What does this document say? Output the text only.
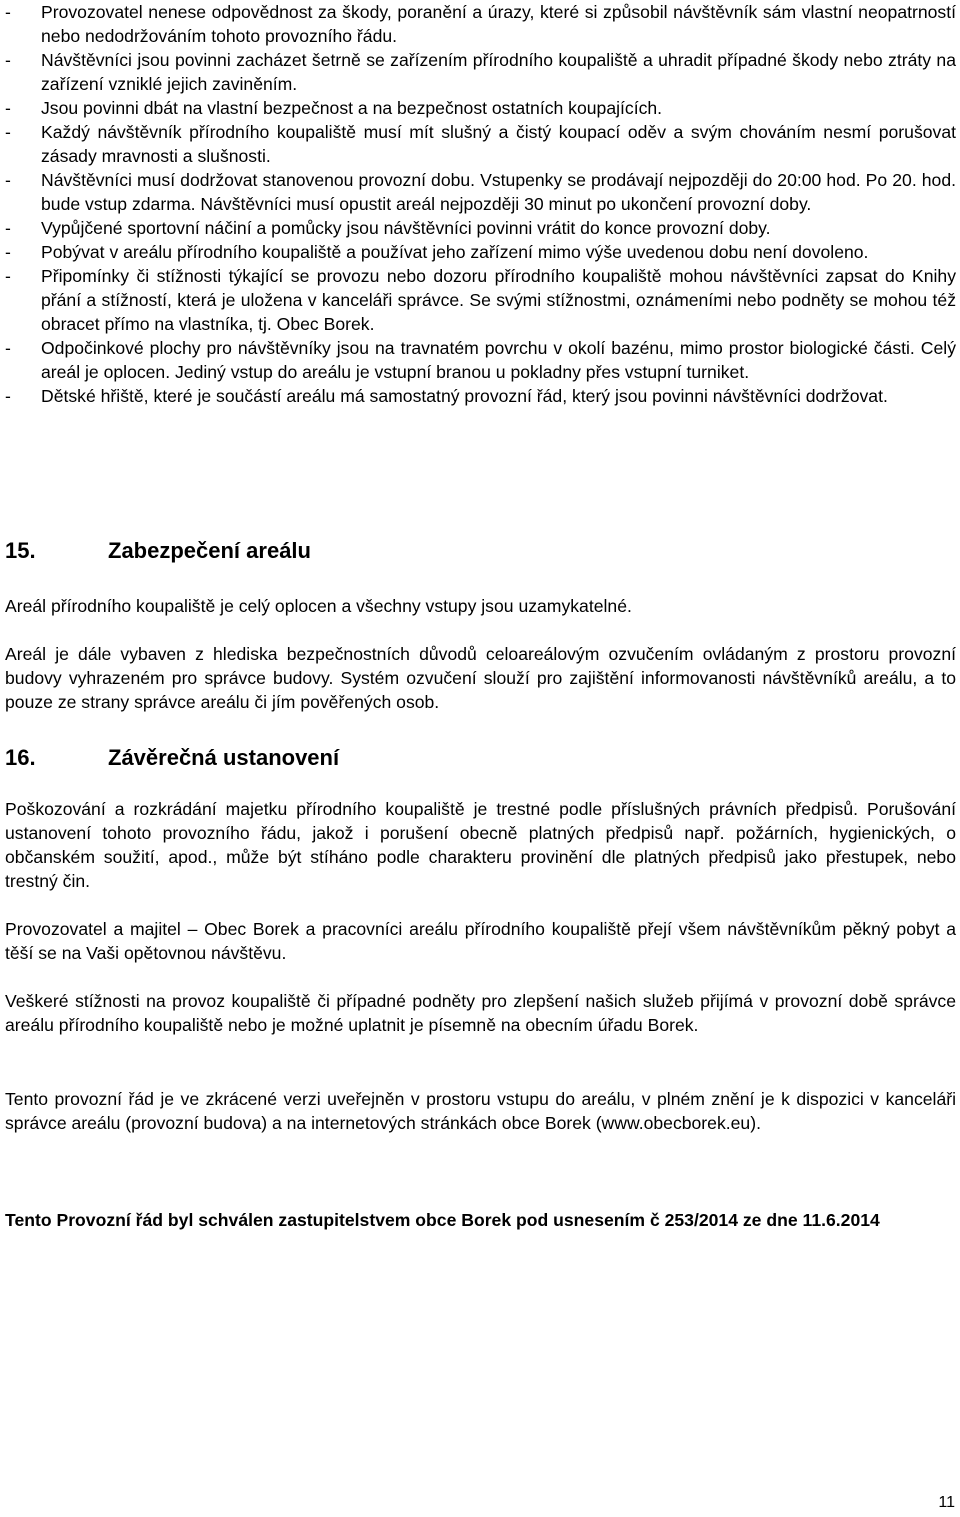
-	Provozovatel nenese odpovědnost za škody, poranění a úrazy, které si způsobil návštěvník sám vlastní neopatrností nebo nedodržováním tohoto provozního řádu.
-	Návštěvníci jsou povinni zacházet šetrně se zařízením přírodního koupaliště a uhradit případné škody nebo ztráty na zařízení vzniklé jejich zaviněním.
-	Jsou povinni dbát na vlastní bezpečnost a na bezpečnost ostatních koupajících.
-	Každý návštěvník přírodního koupaliště musí mít slušný a čistý koupací oděv a svým chováním nesmí porušovat zásady mravnosti a slušnosti.
-	Návštěvníci musí dodržovat stanovenou provozní dobu. Vstupenky se prodávají nejpozději do 20:00 hod. Po 20. hod. bude vstup zdarma. Návštěvníci musí opustit areál nejpozději 30 minut po ukončení provozní doby.
-	Vypůjčené sportovní náčiní a pomůcky jsou návštěvníci povinni vrátit do konce provozní doby.
-	Pobývat v areálu přírodního koupaliště a používat jeho zařízení mimo výše uvedenou dobu není dovoleno.
-	Připomínky či stížnosti týkající se provozu nebo dozoru přírodního koupaliště mohou návštěvníci zapsat do Knihy přání a stížností, která je uložena v kanceláři správce. Se svými stížnostmi, oznámeními nebo podněty se mohou též obracet přímo na vlastníka, tj. Obec Borek.
-	Odpočinkové plochy pro návštěvníky jsou na travnatém povrchu v okolí bazénu, mimo prostor biologické části. Celý areál je oplocen. Jediný vstup do areálu je vstupní branou u pokladny přes vstupní turniket.
-	Dětské hřiště, které je součástí areálu má samostatný provozní řád, který jsou povinni návštěvníci dodržovat.
15.	Zabezpečení areálu
Areál přírodního koupaliště je celý oplocen a všechny vstupy jsou uzamykatelné.
Areál je dále vybaven z hlediska bezpečnostních důvodů celoareálovým ozvučením ovládaným z prostoru provozní budovy vyhrazeném pro správce budovy. Systém ozvučení slouží pro zajištění informovanosti návštěvníků areálu, a to pouze ze strany správce areálu či jím pověřených osob.
16.	Závěrečná ustanovení
Poškozování a rozkrádání majetku přírodního koupaliště je trestné podle příslušných právních předpisů. Porušování ustanovení tohoto provozního řádu, jakož i porušení obecně platných předpisů např. požárních, hygienických, o občanském soužití, apod., může být stíháno podle charakteru provinění dle platných předpisů jako přestupek, nebo trestný čin.
Provozovatel a majitel – Obec Borek a pracovníci areálu přírodního koupaliště přejí všem návštěvníkům pěkný pobyt a těší se na Vaši opětovnou návštěvu.
Veškeré stížnosti na provoz koupaliště či případné podněty pro zlepšení našich služeb přijímá v provozní době správce areálu přírodního koupaliště nebo je možné uplatnit je písemně na obecním úřadu Borek.
Tento provozní řád je ve zkrácené verzi uveřejněn v prostoru vstupu do areálu, v plném znění je k dispozici v kanceláři správce areálu (provozní budova) a na internetových stránkách obce Borek (www.obecborek.eu).
Tento Provozní řád byl schválen zastupitelstvem obce Borek pod usnesením č 253/2014 ze dne 11.6.2014
11
